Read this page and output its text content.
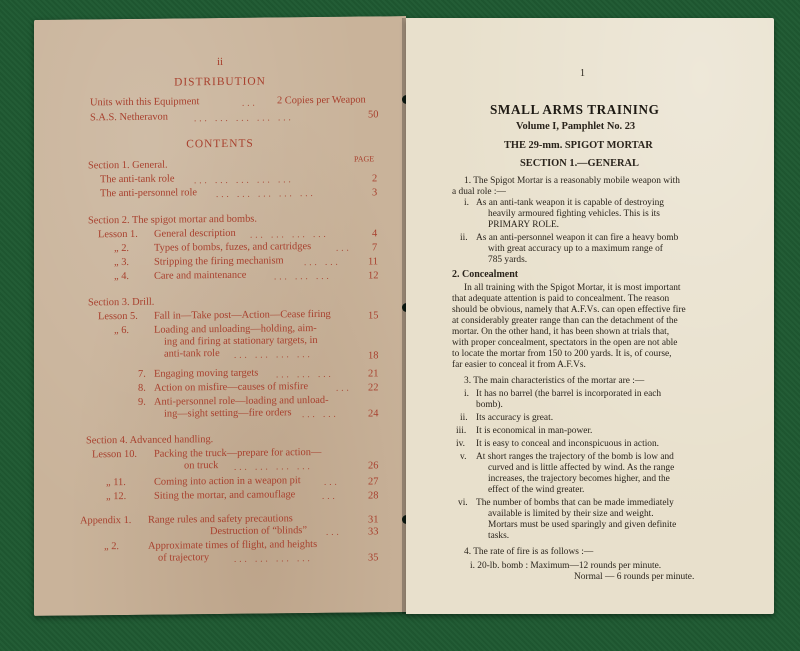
ii
DISTRIBUTION
Units with this Equipment	... 2 Copies per Weapon
S.A.S. Netheravon	... ... ... ... ...	50
CONTENTS
PAGE
Section 1. General.
The anti-tank role ... ... ... ... ...	2
The anti-personnel role ... ... ... ... ...	3
Section 2. The spigot mortar and bombs.
Lesson 1. General description ... ... ... ...	4
„ 2. Types of bombs, fuzes, and cartridges	... 7
„ 3. Stripping the firing mechanism ... ...	11
„ 4. Care and maintenance	... ... ...	12
Section 3. Drill.
Lesson 5. Fall in—Take post—Action—Cease firing	15
„ 6. Loading and unloading—holding, aim-
ing and firing at stationary targets, in
anti-tank role ... ... ... ...	18
7. Engaging moving targets ... ... ...	21
8. Action on misfire—causes of misfire	... 22
9. Anti-personnel role—loading and unload-
ing—sight setting—fire orders ... ...	24
Section 4. Advanced handling.
Lesson 10. Packing the truck—prepare for action—
on truck ... ... ... ...	26
„ 11.	Coming into action in a weapon pit	...	27
„ 12.	Siting the mortar, and camouflage	...	28
Appendix 1. Range rules and safety precautions	31
Destruction of “blinds” ...	33
„ 2.	Approximate times of flight, and heights
of trajectory	... ... ... ...	35
1
SMALL ARMS TRAINING
Volume I, Pamphlet No. 23
THE 29-mm. SPIGOT MORTAR
SECTION 1.—GENERAL
1. The Spigot Mortar is a reasonably mobile weapon with
a dual role :—
i. As an anti-tank weapon it is capable of destroying
heavily armoured fighting vehicles. This is its
PRIMARY ROLE.
ii. As an anti-personnel weapon it can fire a heavy bomb
with great accuracy up to a maximum range of
785 yards.
2. Concealment
In all training with the Spigot Mortar, it is most important
that adequate attention is paid to concealment. The reason
should be obvious, namely that A.F.Vs. can open effective fire
at considerably greater range than can the detachment of the
mortar. On the other hand, it has been shown at trials that,
with proper concealment, spectators in the open are not able
to locate the mortar from 150 to 200 yards. It is, of course,
far easier to conceal it from A.F.Vs.
3. The main characteristics of the mortar are :—
i. It has no barrel (the barrel is incorporated in each
bomb).
ii. Its accuracy is great.
iii. It is economical in man-power.
iv. It is easy to conceal and inconspicuous in action.
v. At short ranges the trajectory of the bomb is low and
curved and is little affected by wind. As the range
increases, the trajectory becomes higher, and the
effect of the wind greater.
vi. The number of bombs that can be made immediately
available is limited by their size and weight.
Mortars must be used sparingly and given definite
tasks.
4. The rate of fire is as follows :—
i. 20-lb. bomb : Maximum—12 rounds per minute.
Normal — 6 rounds per minute.
